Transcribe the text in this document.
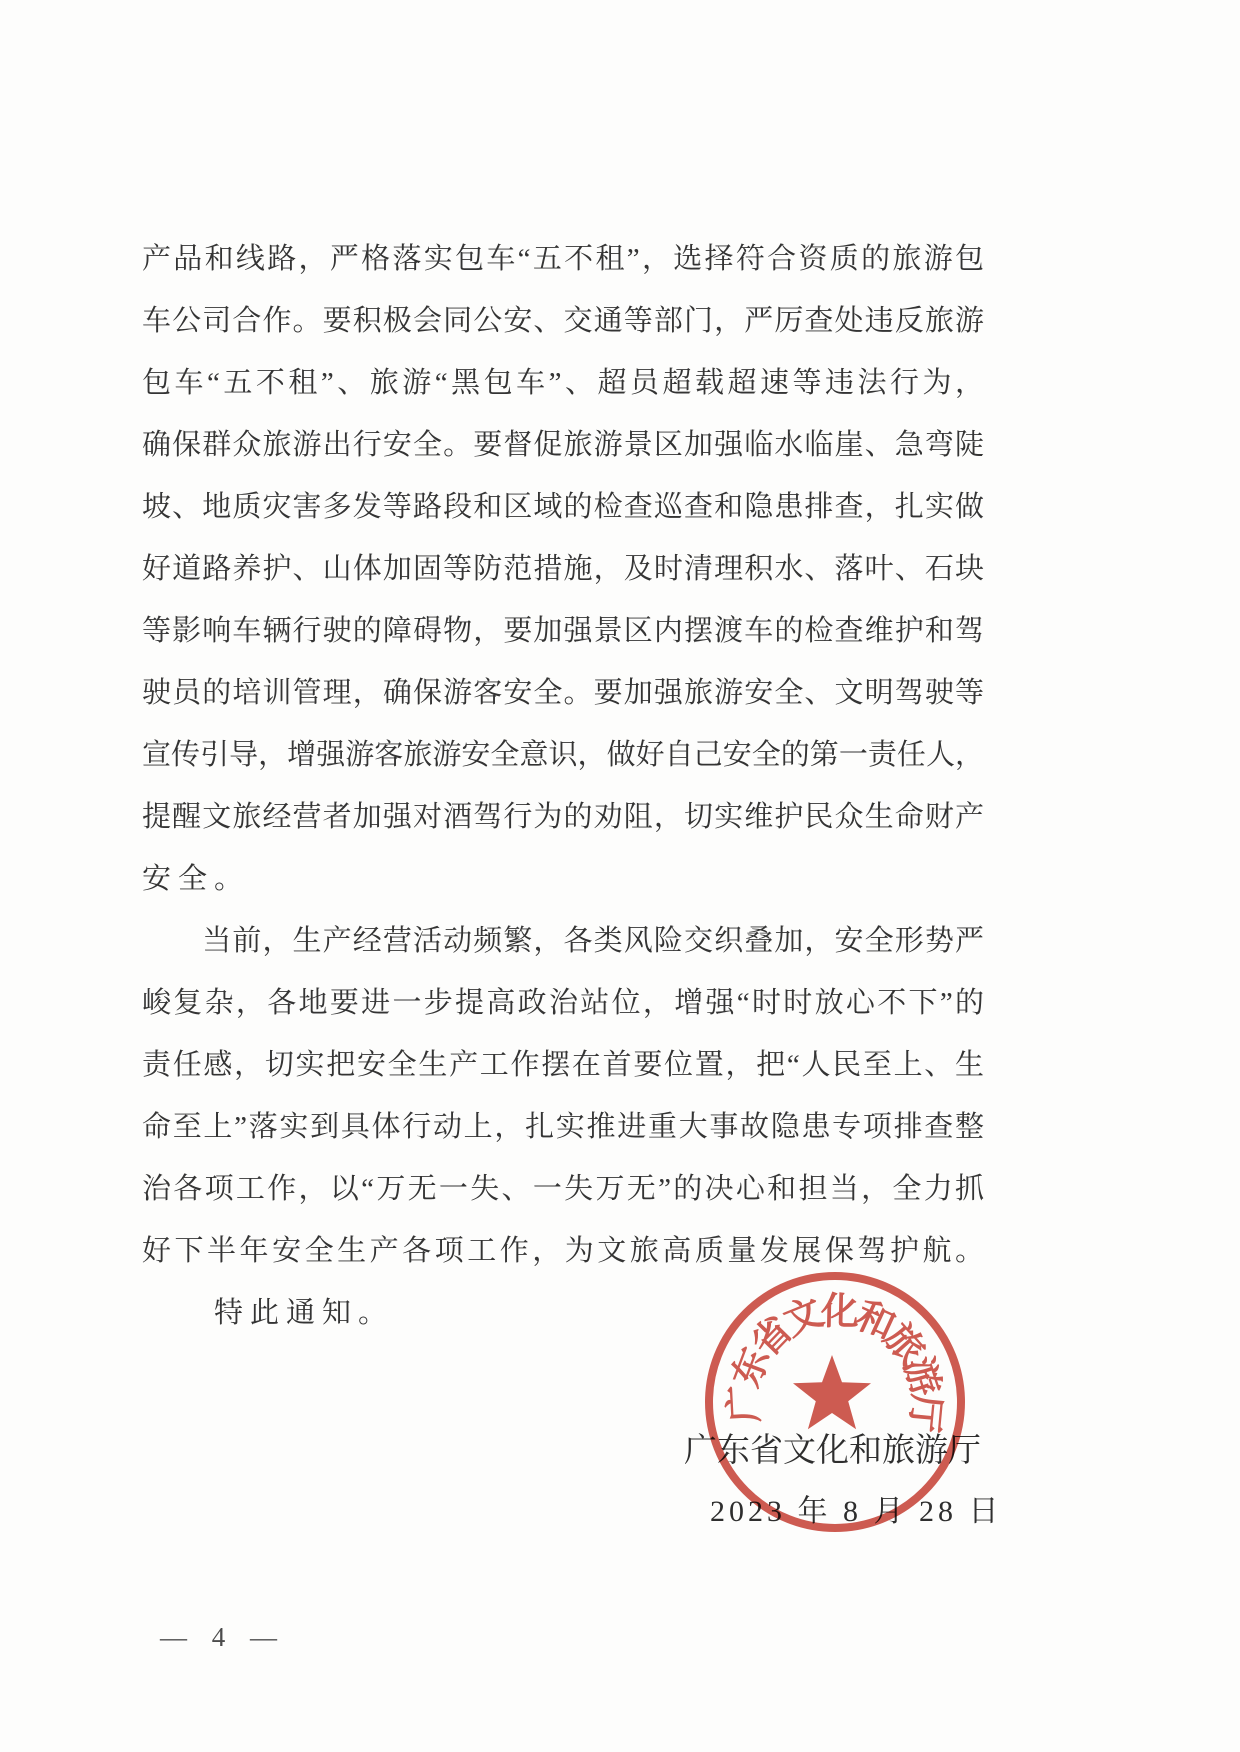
产品和线路，严格落实包车“五不租”，选择符合资质的旅游包
车公司合作。要积极会同公安、交通等部门，严厉查处违反旅游
包车“五不租”、旅游“黑包车”、超员超载超速等违法行为，
确保群众旅游出行安全。要督促旅游景区加强临水临崖、急弯陡
坡、地质灾害多发等路段和区域的检查巡查和隐患排查，扎实做
好道路养护、山体加固等防范措施，及时清理积水、落叶、石块
等影响车辆行驶的障碍物，要加强景区内摆渡车的检查维护和驾
驶员的培训管理，确保游客安全。要加强旅游安全、文明驾驶等
宣传引导，增强游客旅游安全意识，做好自己安全的第一责任人，
提醒文旅经营者加强对酒驾行为的劝阻，切实维护民众生命财产
安全。
　　当前，生产经营活动频繁，各类风险交织叠加，安全形势严
峻复杂，各地要进一步提高政治站位，增强“时时放心不下”的
责任感，切实把安全生产工作摆在首要位置，把“人民至上、生
命至上”落实到具体行动上，扎实推进重大事故隐患专项排查整
治各项工作，以“万无一失、一失万无”的决心和担当，全力抓
好下半年安全生产各项工作，为文旅高质量发展保驾护航。
　　特此通知。
广东省文化和旅游厅
2023 年 8 月 28 日
广东省文化和旅游厅
— 4 —
